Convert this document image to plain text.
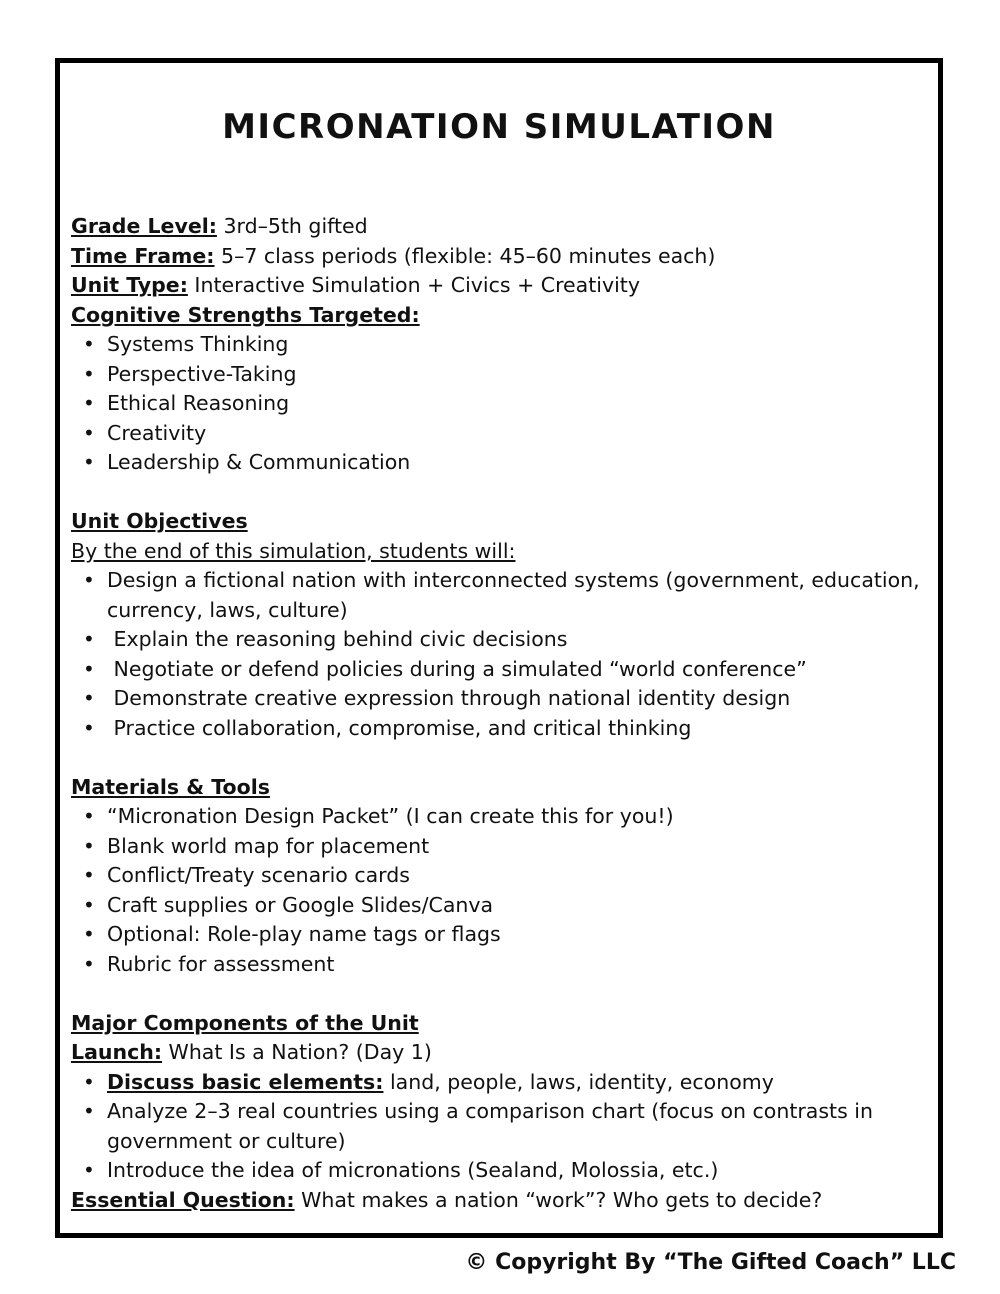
MICRONATION SIMULATION
Grade Level: 3rd–5th gifted
Time Frame: 5–7 class periods (flexible: 45–60 minutes each)
Unit Type: Interactive Simulation + Civics + Creativity
Cognitive Strengths Targeted:
• Systems Thinking
• Perspective-Taking
• Ethical Reasoning
• Creativity
• Leadership & Communication
Unit Objectives
By the end of this simulation, students will:
• Design a fictional nation with interconnected systems (government, education, currency, laws, culture)
•  Explain the reasoning behind civic decisions
•  Negotiate or defend policies during a simulated “world conference”
•  Demonstrate creative expression through national identity design
•  Practice collaboration, compromise, and critical thinking
Materials & Tools
• “Micronation Design Packet” (I can create this for you!)
• Blank world map for placement
• Conflict/Treaty scenario cards
• Craft supplies or Google Slides/Canva
• Optional: Role-play name tags or flags
• Rubric for assessment
Major Components of the Unit
Launch: What Is a Nation? (Day 1)
• Discuss basic elements: land, people, laws, identity, economy
• Analyze 2–3 real countries using a comparison chart (focus on contrasts in government or culture)
• Introduce the idea of micronations (Sealand, Molossia, etc.)
Essential Question: What makes a nation “work”? Who gets to decide?
© Copyright By “The Gifted Coach” LLC
